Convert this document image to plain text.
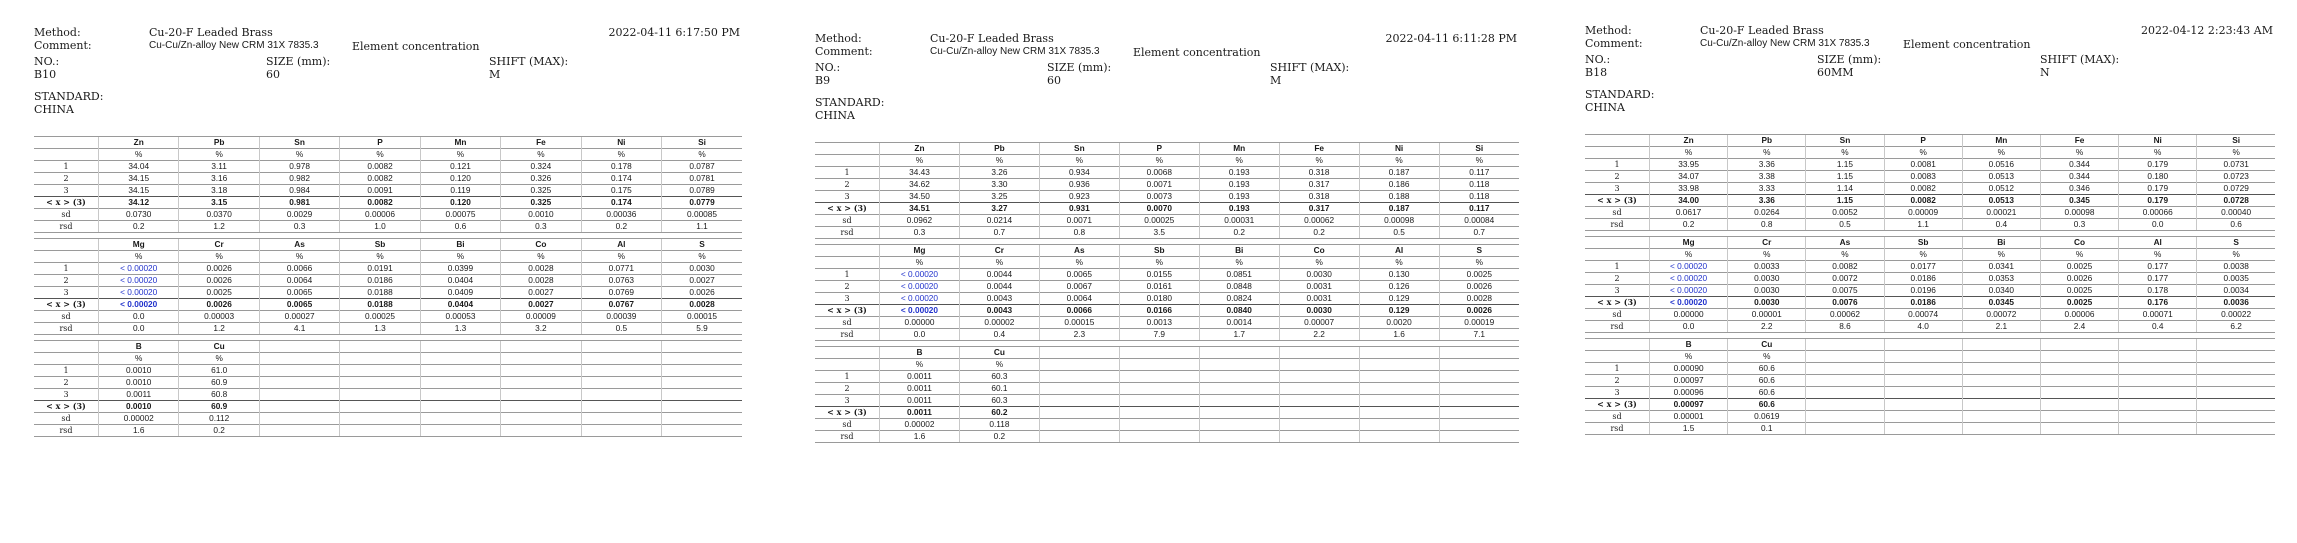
Method:	Cu-20-F Leaded Brass
Comment:	Cu-Cu/Zn-alloy New CRM 31X 7835.3	Element concentration
2022-04-11 6:17:50 PM
NO.:
B10
SIZE (mm):
60
SHIFT (MAX):
M
STANDARD:
CHINA
	Zn	Pb	Sn	P	Mn	Fe	Ni	Si
	%	%	%	%	%	%	%	%
1	34.04	3.11	0.978	0.0082	0.121	0.324	0.178	0.0787
2	34.15	3.16	0.982	0.0082	0.120	0.326	0.174	0.0781
3	34.15	3.18	0.984	0.0091	0.119	0.325	0.175	0.0789
< x > (3)	34.12	3.15	0.981	0.0082	0.120	0.325	0.174	0.0779
sd	0.0730	0.0370	0.0029	0.00006	0.00075	0.0010	0.00036	0.00085
rsd	0.2	1.2	0.3	1.0	0.6	0.3	0.2	1.1
	Mg	Cr	As	Sb	Bi	Co	Al	S
	%	%	%	%	%	%	%	%
1	< 0.00020	0.0026	0.0066	0.0191	0.0399	0.0028	0.0771	0.0030
2	< 0.00020	0.0026	0.0064	0.0186	0.0404	0.0028	0.0763	0.0027
3	< 0.00020	0.0025	0.0065	0.0188	0.0409	0.0027	0.0769	0.0026
< x > (3)	< 0.00020	0.0026	0.0065	0.0188	0.0404	0.0027	0.0767	0.0028
sd	0.0	0.00003	0.00027	0.00025	0.00053	0.00009	0.00039	0.00015
rsd	0.0	1.2	4.1	1.3	1.3	3.2	0.5	5.9
	B	Cu						
	%	%						
1	0.0010	61.0						
2	0.0010	60.9						
3	0.0011	60.8						
< x > (3)	0.0010	60.9						
sd	0.00002	0.112						
rsd	1.6	0.2						
Method:	Cu-20-F Leaded Brass
Comment:	Cu-Cu/Zn-alloy New CRM 31X 7835.3	Element concentration
2022-04-11 6:11:28 PM
NO.:
B9
SIZE (mm):
60
SHIFT (MAX):
M
STANDARD:
CHINA
	Zn	Pb	Sn	P	Mn	Fe	Ni	Si
	%	%	%	%	%	%	%	%
1	34.43	3.26	0.934	0.0068	0.193	0.318	0.187	0.117
2	34.62	3.30	0.936	0.0071	0.193	0.317	0.186	0.118
3	34.50	3.25	0.923	0.0073	0.193	0.318	0.188	0.118
< x > (3)	34.51	3.27	0.931	0.0070	0.193	0.317	0.187	0.117
sd	0.0962	0.0214	0.0071	0.00025	0.00031	0.00062	0.00098	0.00084
rsd	0.3	0.7	0.8	3.5	0.2	0.2	0.5	0.7
	Mg	Cr	As	Sb	Bi	Co	Al	S
	%	%	%	%	%	%	%	%
1	< 0.00020	0.0044	0.0065	0.0155	0.0851	0.0030	0.130	0.0025
2	< 0.00020	0.0044	0.0067	0.0161	0.0848	0.0031	0.126	0.0026
3	< 0.00020	0.0043	0.0064	0.0180	0.0824	0.0031	0.129	0.0028
< x > (3)	< 0.00020	0.0043	0.0066	0.0166	0.0840	0.0030	0.129	0.0026
sd	0.00000	0.00002	0.00015	0.0013	0.0014	0.00007	0.0020	0.00019
rsd	0.0	0.4	2.3	7.9	1.7	2.2	1.6	7.1
	B	Cu						
	%	%						
1	0.0011	60.3						
2	0.0011	60.1						
3	0.0011	60.3						
< x > (3)	0.0011	60.2						
sd	0.00002	0.118						
rsd	1.6	0.2						
Method:	Cu-20-F Leaded Brass
Comment:	Cu-Cu/Zn-alloy New CRM 31X 7835.3	Element concentration
2022-04-12 2:23:43 AM
NO.:
B18
SIZE (mm):
60MM
SHIFT (MAX):
N
STANDARD:
CHINA
	Zn	Pb	Sn	P	Mn	Fe	Ni	Si
	%	%	%	%	%	%	%	%
1	33.95	3.36	1.15	0.0081	0.0516	0.344	0.179	0.0731
2	34.07	3.38	1.15	0.0083	0.0513	0.344	0.180	0.0723
3	33.98	3.33	1.14	0.0082	0.0512	0.346	0.179	0.0729
< x > (3)	34.00	3.36	1.15	0.0082	0.0513	0.345	0.179	0.0728
sd	0.0617	0.0264	0.0052	0.00009	0.00021	0.00098	0.00066	0.00040
rsd	0.2	0.8	0.5	1.1	0.4	0.3	0.0	0.6
	Mg	Cr	As	Sb	Bi	Co	Al	S
	%	%	%	%	%	%	%	%
1	< 0.00020	0.0033	0.0082	0.0177	0.0341	0.0025	0.177	0.0038
2	< 0.00020	0.0030	0.0072	0.0186	0.0353	0.0026	0.177	0.0035
3	< 0.00020	0.0030	0.0075	0.0196	0.0340	0.0025	0.178	0.0034
< x > (3)	< 0.00020	0.0030	0.0076	0.0186	0.0345	0.0025	0.176	0.0036
sd	0.00000	0.00001	0.00062	0.00074	0.00072	0.00006	0.00071	0.00022
rsd	0.0	2.2	8.6	4.0	2.1	2.4	0.4	6.2
	B	Cu						
	%	%						
1	0.00090	60.6						
2	0.00097	60.6						
3	0.00096	60.6						
< x > (3)	0.00097	60.6						
sd	0.00001	0.0619						
rsd	1.5	0.1						
